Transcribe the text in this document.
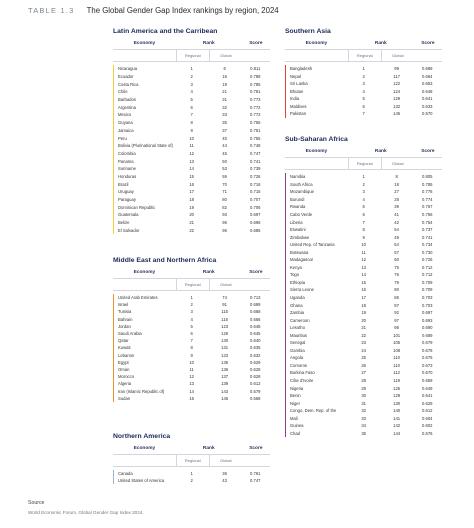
TABLE 1.3 The Global Gender Gap Index rankings by region, 2024
Latin America and the Carribean
Economy	Rank	Score
Regional	Global
Nicaragua	1	6	0.811
Ecuador	2	16	0.788
Costa Rica	3	19	0.785
Chile	4	21	0.781
Barbados	5	31	0.773
Argentina	6	32	0.772
Mexico	7	33	0.772
Guyana	8	35	0.765
Jamaica	9	37	0.761
Peru	10	40	0.755
Bolivia (Plurinational State of)	11	44	0.748
Colombia	12	45	0.747
Panama	13	50	0.741
Suriname	14	53	0.739
Honduras	15	59	0.726
Brazil	16	70	0.716
Uruguay	17	71	0.715
Paraguay	18	80	0.707
Dominican Republic	19	82	0.706
Guatemala	20	93	0.697
Belize	21	96	0.696
El Salvador	22	96	0.685
Middle East and Northern Africa
Economy	Rank	Score
Regional	Global
United Arab Emirates	1	74	0.713
Israel	2	91	0.699
Tunisia	3	115	0.668
Bahrain	4	116	0.666
Jordan	5	123	0.648
Saudi Arabia	6	126	0.645
Qatar	7	130	0.640
Kuwait	8	131	0.635
Lebanon	9	133	0.632
Egypt	10	135	0.629
Oman	11	136	0.628
Morocco	12	137	0.628
Algeria	13	139	0.612
Iran (Islamic Republic of)	14	143	0.579
Sudan	15	145	0.568
Northern America
Economy	Rank	Score
Regional	Global
Canada	1	36	0.761
United States of America	2	43	0.747
Southern Asia
Economy	Rank	Score
Regional	Global
Bangladesh	1	99	0.689
Nepal	2	117	0.664
Sri Lanka	3	122	0.653
Bhutan	4	124	0.648
India	5	129	0.641
Maldives	6	132	0.633
Pakistan	7	145	0.570
Sub-Saharan Africa
Economy	Rank	Score
Regional	Global
Namibia	1	8	0.805
South Africa	2	18	0.785
Mozambique	3	27	0.776
Burundi	4	28	0.774
Rwanda	5	39	0.757
Cabo Verde	6	41	0.756
Liberia	7	42	0.754
Eswatini	8	54	0.737
Zimbabwe	9	49	0.741
United Rep. of Tanzania	10	54	0.734
Botswana	11	57	0.730
Madagascar	12	60	0.726
Kenya	13	75	0.712
Togo	14	76	0.712
Ethiopia	15	79	0.709
Sierra Leone	16	80	0.709
Uganda	17	86	0.703
Ghana	18	87	0.703
Zambia	19	92	0.697
Cameroon	20	97	0.693
Lesotho	21	98	0.690
Mauritius	22	101	0.689
Senegal	23	105	0.679
Gambia	24	108	0.678
Angola	25	110	0.675
Comoros	26	110	0.673
Burkina Faso	27	112	0.670
Côte d'Ivoire	28	119	0.659
Nigeria	29	125	0.649
Benin	30	128	0.641
Niger	31	130	0.629
Congo, Dem. Rep. of the	32	140	0.612
Mali	33	141	0.604
Guinea	34	142	0.602
Chad	35	144	0.576
Source
World Economic Forum, Global Gender Gap Index 2024.
